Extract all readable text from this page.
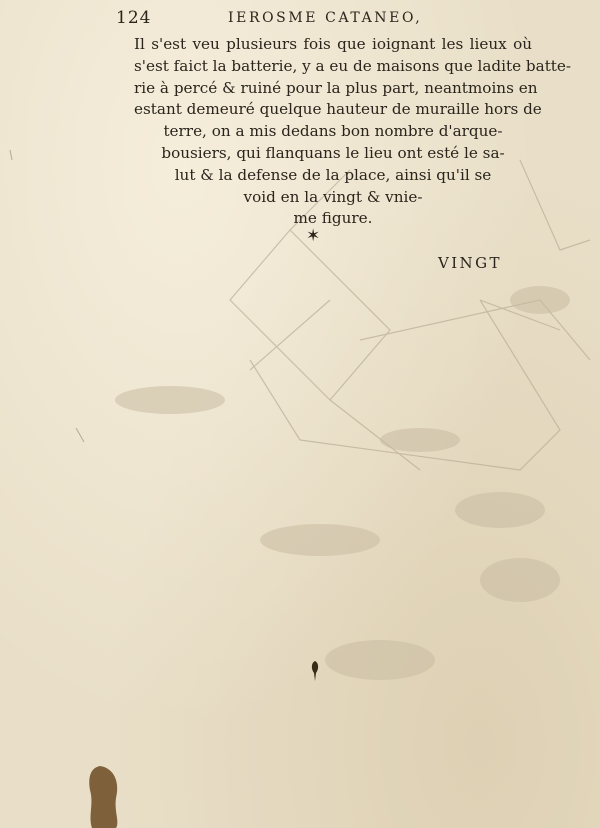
124	IEROSME CATANEO,
Il s'est veu plusieurs fois que ioignant les lieux où
s'est faict la batterie, y a eu de maisons que ladite batte-
rie à percé & ruiné pour la plus part, neantmoins en
estant demeuré quelque hauteur de muraille hors de
terre, on a mis dedans bon nombre d'arque-
bousiers, qui flanquans le lieu ont esté le sa-
lut & la defense de la place, ainsi qu'il se
void en la vingt & vnie-
me figure.
✶
VINGT
